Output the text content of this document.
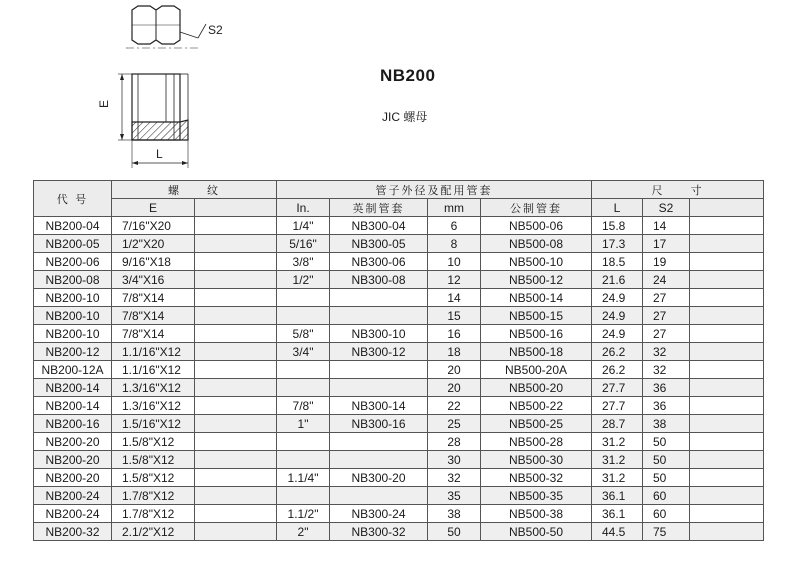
S2
E
L
NB200
JIC 螺母
代 号	螺　　纹		管子外径及配用管套				尺　　寸		
	E		In.	英制管套	mm	公制管套	L	S2	
NB200-04	7/16"X20		1/4"	NB300-04	6	NB500-06	15.8	14	
NB200-05	1/2"X20		5/16"	NB300-05	8	NB500-08	17.3	17	
NB200-06	9/16"X18		3/8"	NB300-06	10	NB500-10	18.5	19	
NB200-08	3/4"X16		1/2"	NB300-08	12	NB500-12	21.6	24	
NB200-10	7/8"X14				14	NB500-14	24.9	27	
NB200-10	7/8"X14				15	NB500-15	24.9	27	
NB200-10	7/8"X14		5/8"	NB300-10	16	NB500-16	24.9	27	
NB200-12	1.1/16"X12		3/4"	NB300-12	18	NB500-18	26.2	32	
NB200-12A	1.1/16"X12				20	NB500-20A	26.2	32	
NB200-14	1.3/16"X12				20	NB500-20	27.7	36	
NB200-14	1.3/16"X12		7/8"	NB300-14	22	NB500-22	27.7	36	
NB200-16	1.5/16"X12		1"	NB300-16	25	NB500-25	28.7	38	
NB200-20	1.5/8"X12				28	NB500-28	31.2	50	
NB200-20	1.5/8"X12				30	NB500-30	31.2	50	
NB200-20	1.5/8"X12		1.1/4"	NB300-20	32	NB500-32	31.2	50	
NB200-24	1.7/8"X12				35	NB500-35	36.1	60	
NB200-24	1.7/8"X12		1.1/2"	NB300-24	38	NB500-38	36.1	60	
NB200-32	2.1/2"X12		2"	NB300-32	50	NB500-50	44.5	75	
